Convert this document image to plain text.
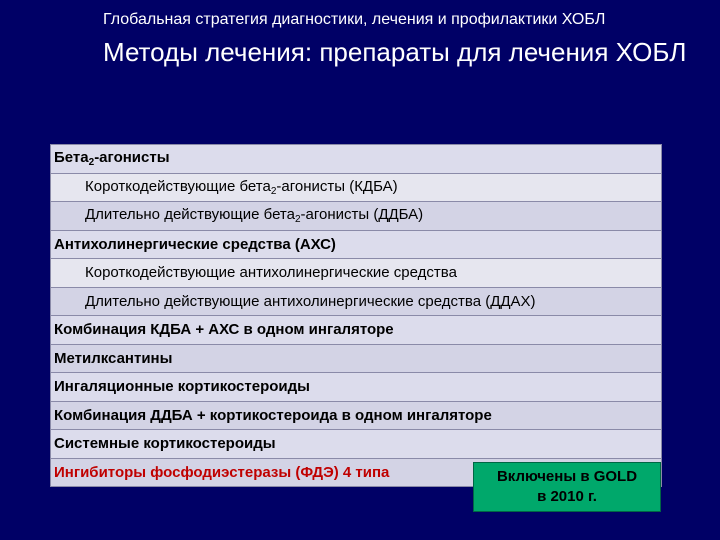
Глобальная стратегия диагностики, лечения и профилактики ХОБЛ
Методы лечения: препараты для лечения ХОБЛ
Бета$_2$-агонисты
Короткодействующие бета$_2$-агонисты (КДБА)
Длительно действующие бета$_2$-агонисты (ДДБА)
Антихолинергические средства (АХС)
Короткодействующие антихолинергические средства
Длительно действующие антихолинергические средства (ДДАХ)
Комбинация КДБА + АХС в одном ингаляторе
Метилксантины
Ингаляционные кортикостероиды
Комбинация ДДБА + кортикостероида в одном ингаляторе
Системные кортикостероиды
Ингибиторы фосфодиэстеразы (ФДЭ) 4 типа	Включены в GOLD
в 2010 г.
